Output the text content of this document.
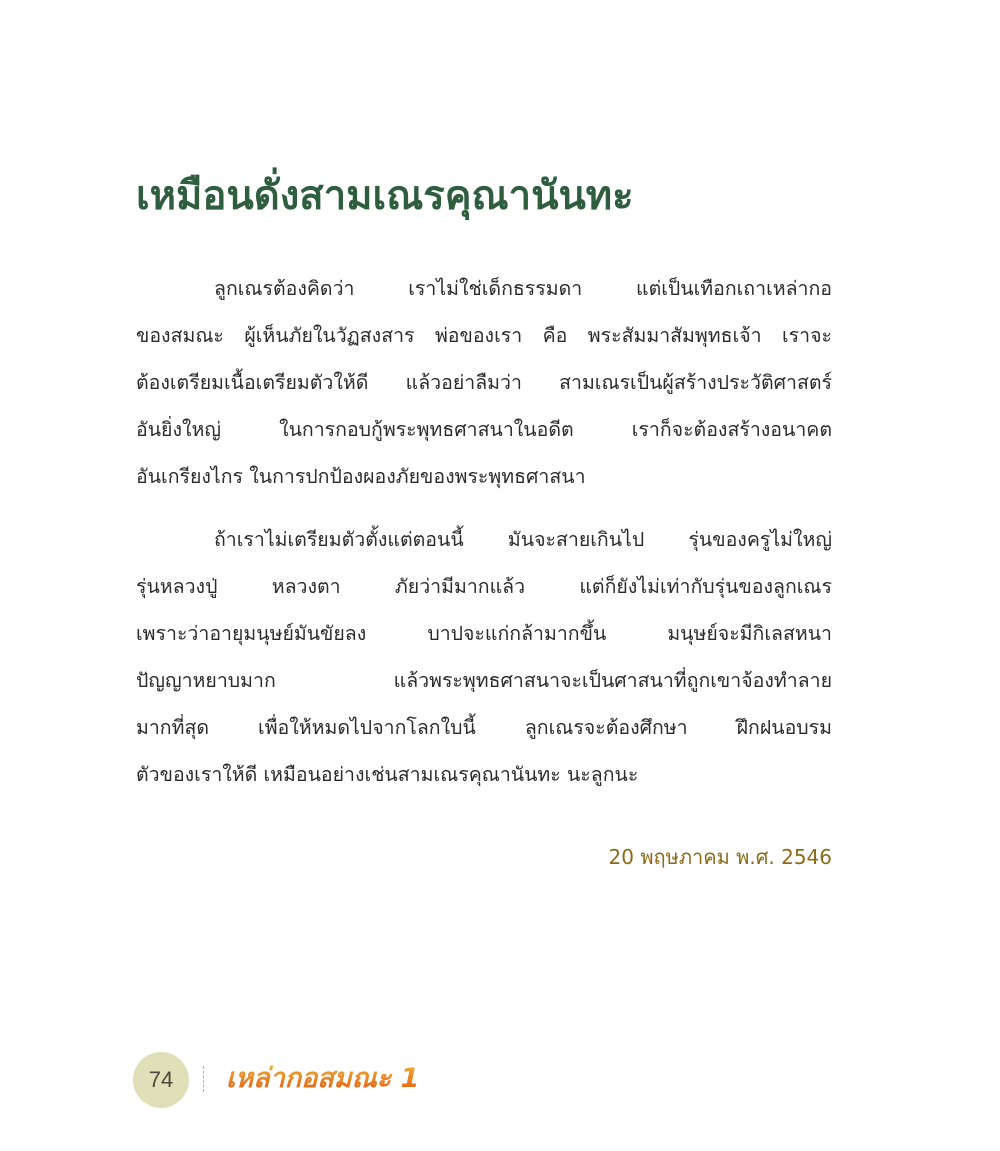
เหมือนดั่งสามเณรคุณานันทะ

ลูกเณรต้องคิดว่า เราไม่ใช่เด็กธรรมดา แต่เป็นเทือกเถาเหล่ากอ
ของสมณะ ผู้เห็นภัยในวัฏสงสาร พ่อของเรา คือ พระสัมมาสัมพุทธเจ้า เราจะ
ต้องเตรียมเนื้อเตรียมตัวให้ดี แล้วอย่าลืมว่า สามเณรเป็นผู้สร้างประวัติศาสตร์
อันยิ่งใหญ่ ในการกอบกู้พระพุทธศาสนาในอดีต เราก็จะต้องสร้างอนาคต
อันเกรียงไกร ในการปกป้องผองภัยของพระพุทธศาสนา

ถ้าเราไม่เตรียมตัวตั้งแต่ตอนนี้ มันจะสายเกินไป รุ่นของครูไม่ใหญ่
รุ่นหลวงปู่ หลวงตา ภัยว่ามีมากแล้ว แต่ก็ยังไม่เท่ากับรุ่นของลูกเณร
เพราะว่าอายุมนุษย์มันขัยลง บาปจะแก่กล้ามากขึ้น มนุษย์จะมีกิเลสหนา
ปัญญาหยาบมาก แล้วพระพุทธศาสนาจะเป็นศาสนาที่ถูกเขาจ้องทำลาย
มากที่สุด เพื่อให้หมดไปจากโลกใบนี้ ลูกเณรจะต้องศึกษา ฝึกฝนอบรม
ตัวของเราให้ดี เหมือนอย่างเช่นสามเณรคุณานันทะ นะลูกนะ

20 พฤษภาคม พ.ศ. 2546
74	เหล่ากอสมณะ 1
